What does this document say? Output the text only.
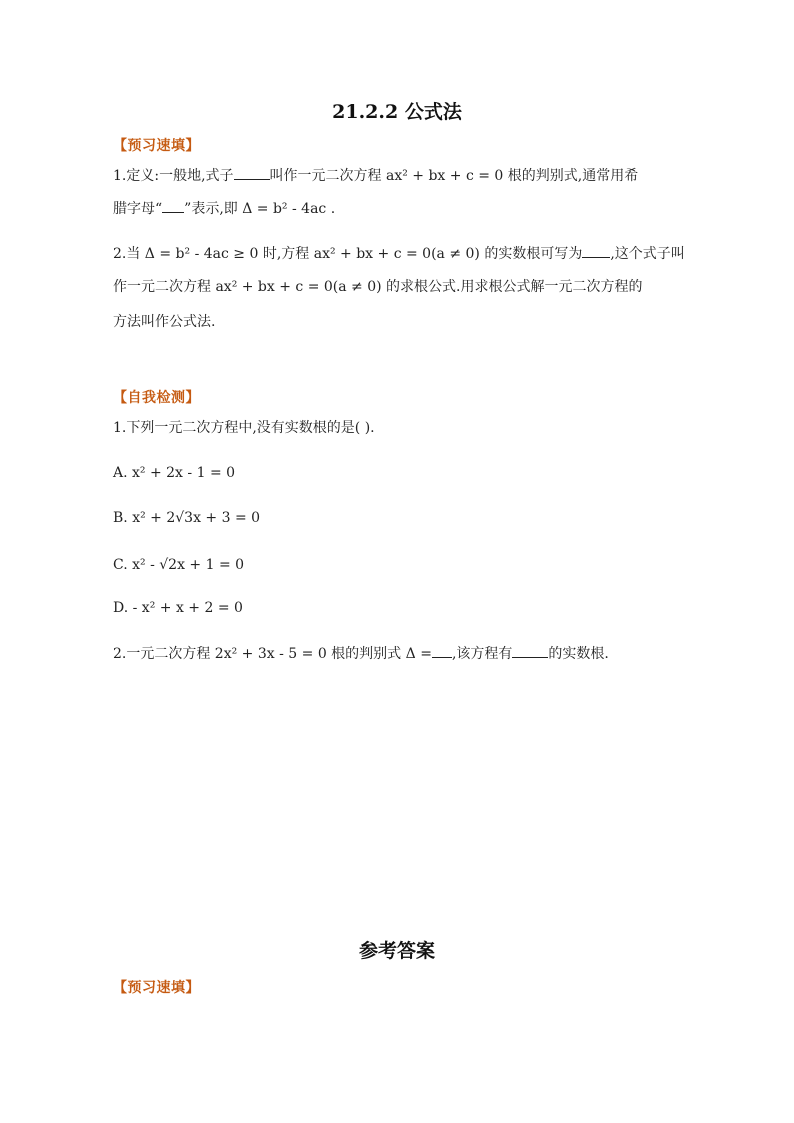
21.2.2 公式法
【预习速填】
1.定义:一般地,式子	叫作一元二次方程 ax² + bx + c = 0 根的判别式,通常用希
腊字母“ ”表示,即 Δ = b² - 4ac .
2.当 Δ = b² - 4ac ≥ 0 时,方程 ax² + bx + c = 0(a ≠ 0) 的实数根可写为 ,这个式子叫
作一元二次方程 ax² + bx + c = 0(a ≠ 0) 的求根公式.用求根公式解一元二次方程的
方法叫作公式法.
【自我检测】
1.下列一元二次方程中,没有实数根的是( ).
A. x² + 2x - 1 = 0
B. x² + 2√3x + 3 = 0
C. x² - √2x + 1 = 0
D. - x² + x + 2 = 0
2.一元二次方程 2x² + 3x - 5 = 0 根的判别式 Δ = ,该方程有	的实数根.
参考答案
【预习速填】
